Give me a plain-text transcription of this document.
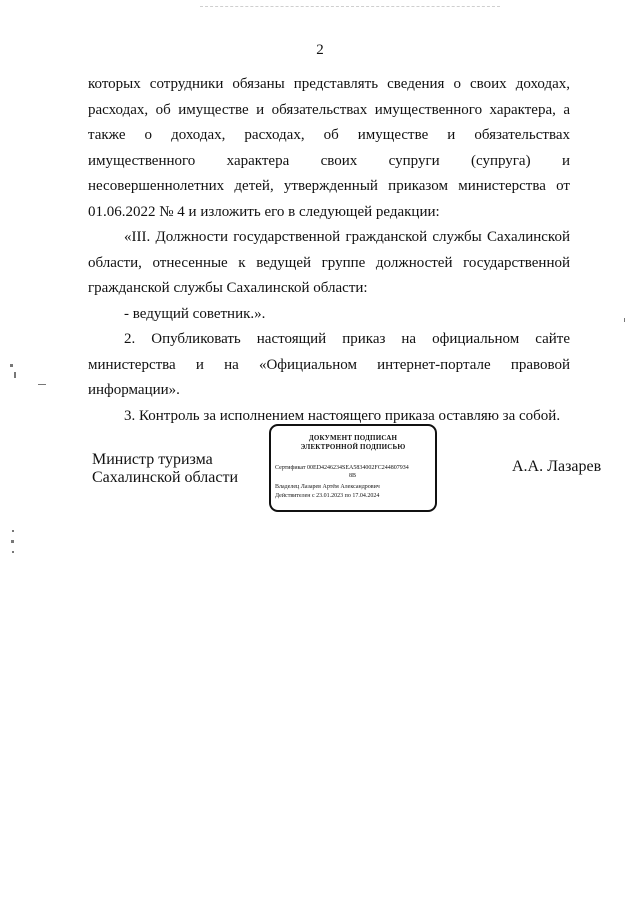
2

которых сотрудники обязаны представлять сведения о своих доходах, расходах, об имуществе и обязательствах имущественного характера, а также о доходах, расходах, об имуществе и обязательствах имущественного характера своих супруги (супруга) и несовершеннолетних детей, утвержденный приказом министерства от 01.06.2022 № 4 и изложить его в следующей редакции:

«III. Должности государственной гражданской службы Сахалинской области, отнесенные к ведущей группе должностей государственной гражданской службы Сахалинской области:

- ведущий советник.».

2. Опубликовать настоящий приказ на официальном сайте министерства и на «Официальном интернет-портале правовой информации».

3. Контроль за исполнением настоящего приказа оставляю за собой.

Министр туризма
Сахалинской области
ДОКУМЕНТ ПОДПИСАН
ЭЛЕКТРОННОЙ ПОДПИСЬЮ
Сертификат 00ED4246234SEA5834002FC2448079З4
8B
Владелец Лазарев Артём Александрович
Действителен с 23.01.2023 по 17.04.2024
А.А. Лазарев
